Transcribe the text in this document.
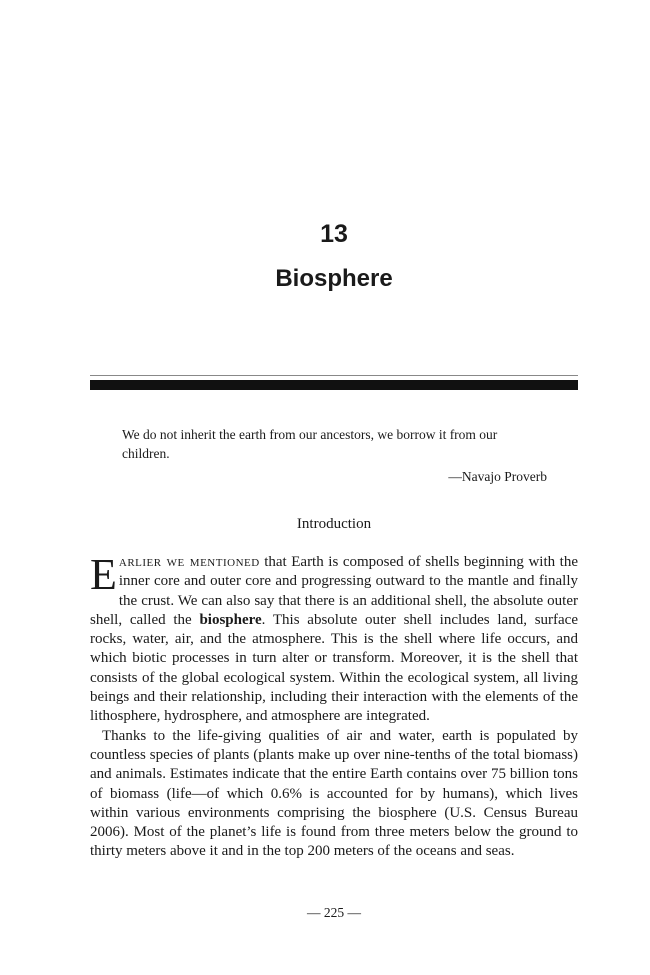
13
Biosphere

We do not inherit the earth from our ancestors, we borrow it from our children.

—Navajo Proverb
Introduction

Earlier we mentioned that Earth is composed of shells beginning with the inner core and outer core and progressing outward to the mantle and finally the crust. We can also say that there is an additional shell, the absolute outer shell, called the biosphere. This absolute outer shell includes land, surface rocks, water, air, and the atmosphere. This is the shell where life occurs, and which biotic processes in turn alter or transform. Moreover, it is the shell that consists of the global ecological system. Within the ecological system, all living beings and their relationship, including their interaction with the elements of the lithosphere, hydrosphere, and atmosphere are integrated.

Thanks to the life-giving qualities of air and water, earth is populated by countless species of plants (plants make up over nine-tenths of the total biomass) and animals. Estimates indicate that the entire Earth contains over 75 billion tons of biomass (life—of which 0.6% is accounted for by humans), which lives within various environments comprising the biosphere (U.S. Census Bureau 2006). Most of the planet’s life is found from three meters below the ground to thirty meters above it and in the top 200 meters of the oceans and seas.

— 225 —
